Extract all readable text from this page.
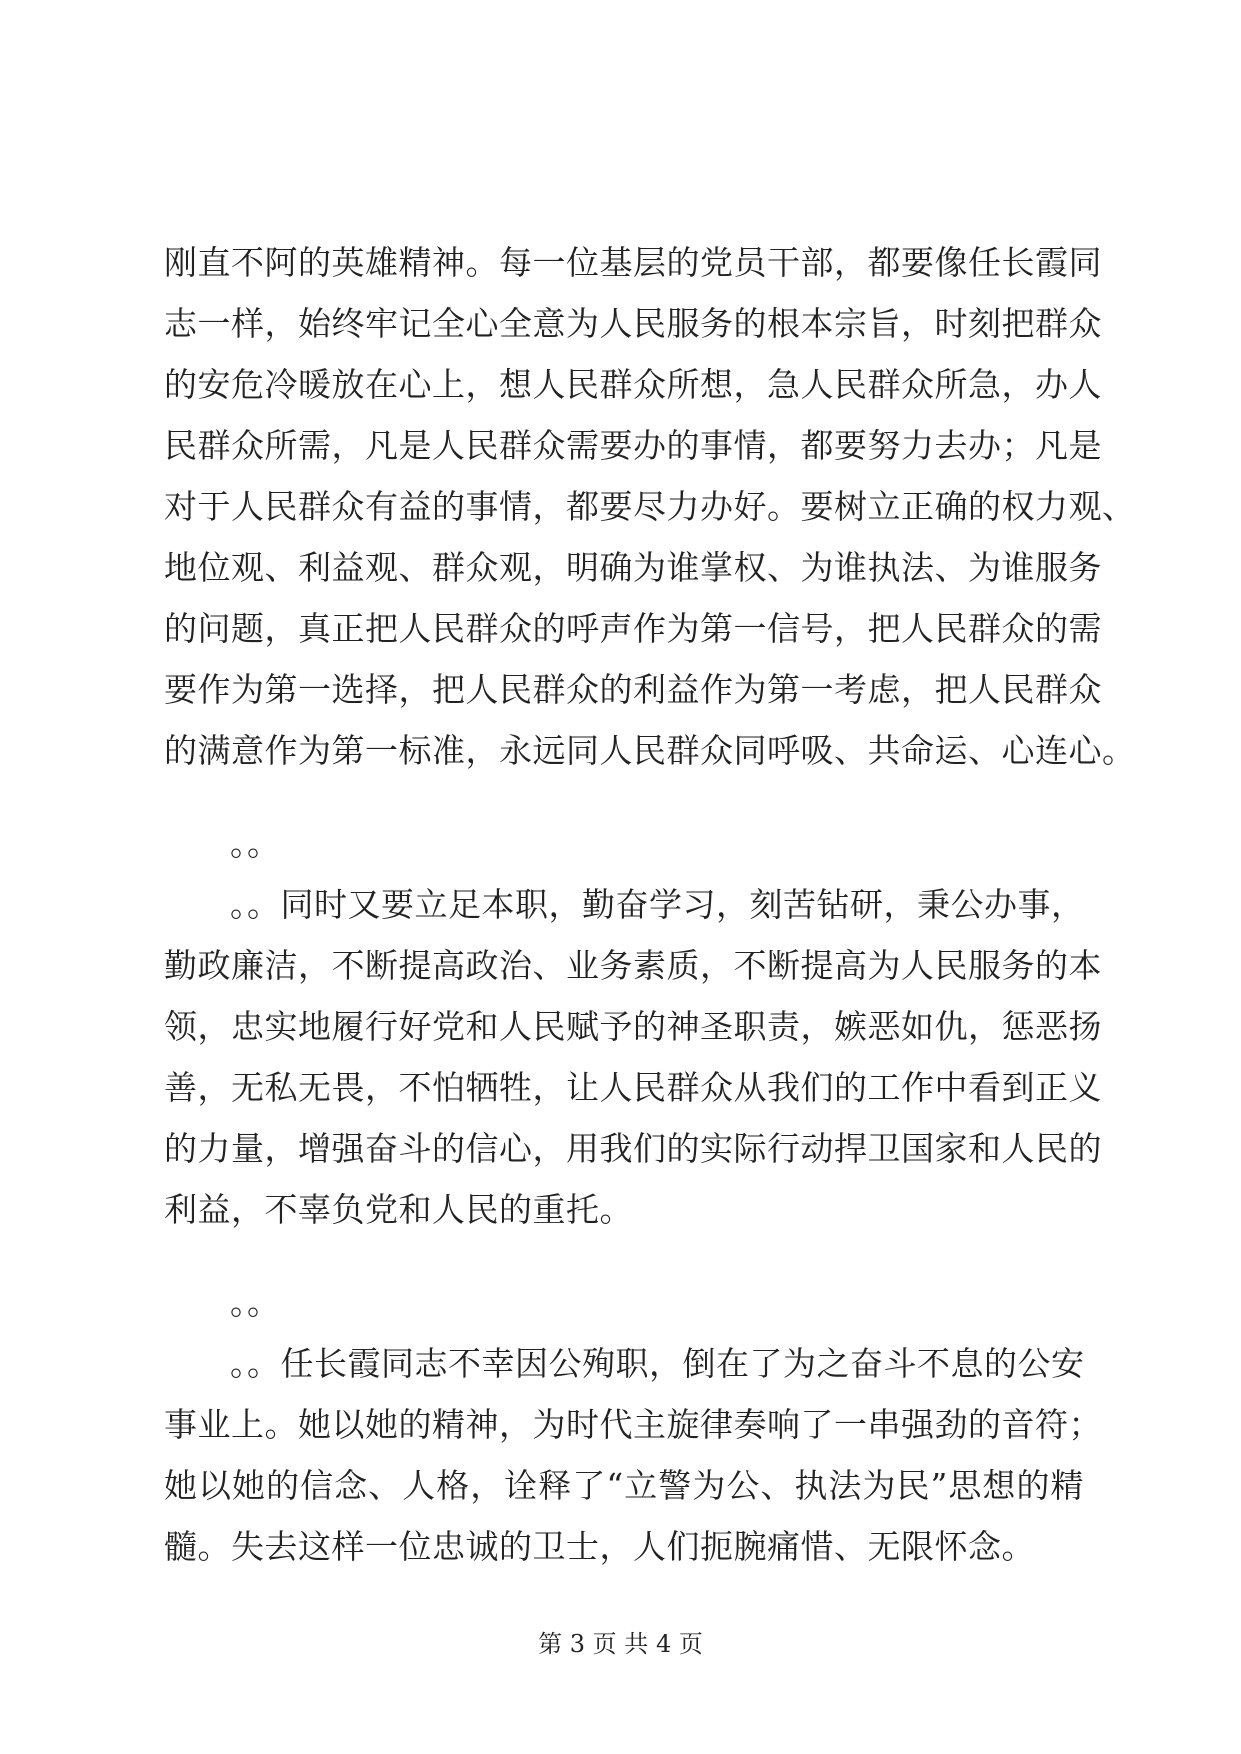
刚直不阿的英雄精神。每一位基层的党员干部，都要像任长霞同
志一样，始终牢记全心全意为人民服务的根本宗旨，时刻把群众
的安危冷暖放在心上，想人民群众所想，急人民群众所急，办人
民群众所需，凡是人民群众需要办的事情，都要努力去办；凡是
对于人民群众有益的事情，都要尽力办好。要树立正确的权力观、
地位观、利益观、群众观，明确为谁掌权、为谁执法、为谁服务
的问题，真正把人民群众的呼声作为第一信号，把人民群众的需
要作为第一选择，把人民群众的利益作为第一考虑，把人民群众
的满意作为第一标准，永远同人民群众同呼吸、共命运、心连心。
。。
。。同时又要立足本职，勤奋学习，刻苦钻研，秉公办事，
勤政廉洁，不断提高政治、业务素质，不断提高为人民服务的本
领，忠实地履行好党和人民赋予的神圣职责，嫉恶如仇，惩恶扬
善，无私无畏，不怕牺牲，让人民群众从我们的工作中看到正义
的力量，增强奋斗的信心，用我们的实际行动捍卫国家和人民的
利益，不辜负党和人民的重托。
。。
。。任长霞同志不幸因公殉职，倒在了为之奋斗不息的公安
事业上。她以她的精神，为时代主旋律奏响了一串强劲的音符；
她以她的信念、人格，诠释了“立警为公、执法为民”思想的精
髓。失去这样一位忠诚的卫士，人们扼腕痛惜、无限怀念。
第 3 页 共 4 页
